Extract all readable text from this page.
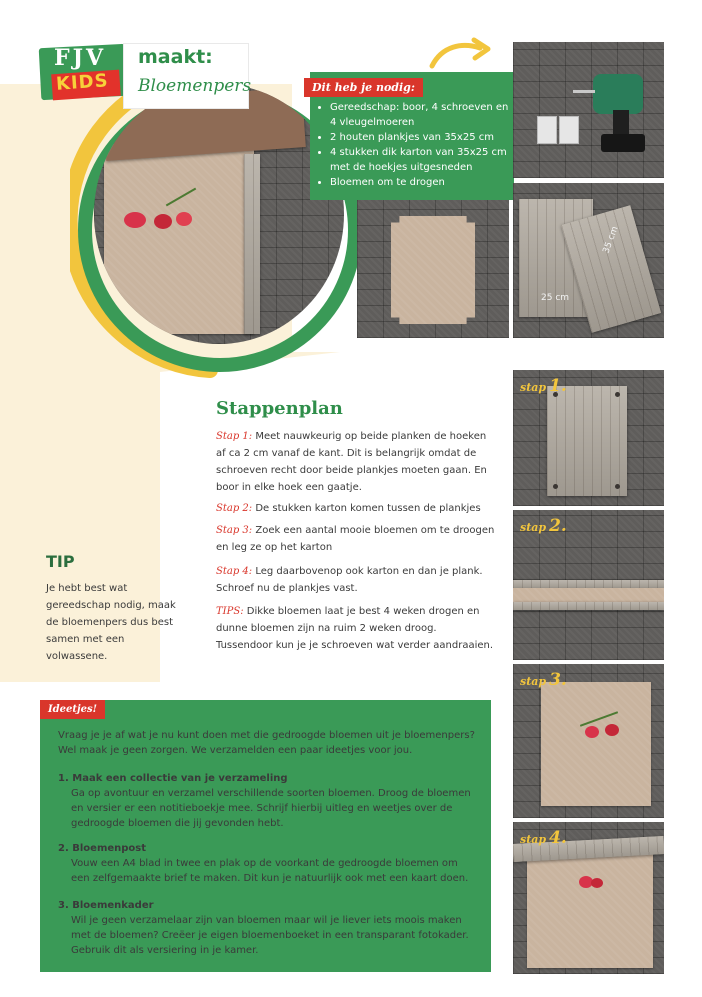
FJV
KIDS
maakt:
Bloemenpers	Dit heb je nodig:
• Gereedschap: boor, 4 schroeven en 4 vleugelmoeren
• 2 houten plankjes van 35x25 cm
• 4 stukken dik karton van 35x25 cm met de hoekjes uitgesneden
• Bloemen om te drogen
25 cm
35 cm
Stappenplan
Stap 1: Meet nauwkeurig op beide planken de hoeken af ca 2 cm vanaf de kant. Dit is belangrijk omdat de schroeven recht door beide plankjes moeten gaan. En boor in elke hoek een gaatje.
Stap 2: De stukken karton komen tussen de plankjes
Stap 3: Zoek een aantal mooie bloemen om te droogen en leg ze op het karton
Stap 4: Leg daarbovenop ook karton en dan je plank. Schroef nu de plankjes vast.
TIPS: Dikke bloemen laat je best 4 weken drogen en dunne bloemen zijn na ruim 2 weken droog. Tussendoor kun je je schroeven wat verder aandraaien.
stap 1.
stap 2.
stap 3.
stap 4.
TIP
Je hebt best wat gereedschap nodig, maak de bloemenpers dus best samen met een volwassene.
Ideetjes!
Vraag je je af wat je nu kunt doen met die gedroogde bloemen uit je bloemenpers? Wel maak je geen zorgen. We verzamelden een paar ideetjes voor jou.
1. Maak een collectie van je verzameling
Ga op avontuur en verzamel verschillende soorten bloemen. Droog de bloemen en versier er een notitieboekje mee. Schrijf hierbij uitleg en weetjes over de gedroogde bloemen die jij gevonden hebt.
2. Bloemenpost
Vouw een A4 blad in twee en plak op de voorkant de gedroogde bloemen om een zelfgemaakte brief te maken. Dit kun je natuurlijk ook met een kaart doen.
3. Bloemenkader
Wil je geen verzamelaar zijn van bloemen maar wil je liever iets moois maken met de bloemen? Creëer je eigen bloemenboeket in een transparant fotokader. Gebruik dit als versiering in je kamer.
